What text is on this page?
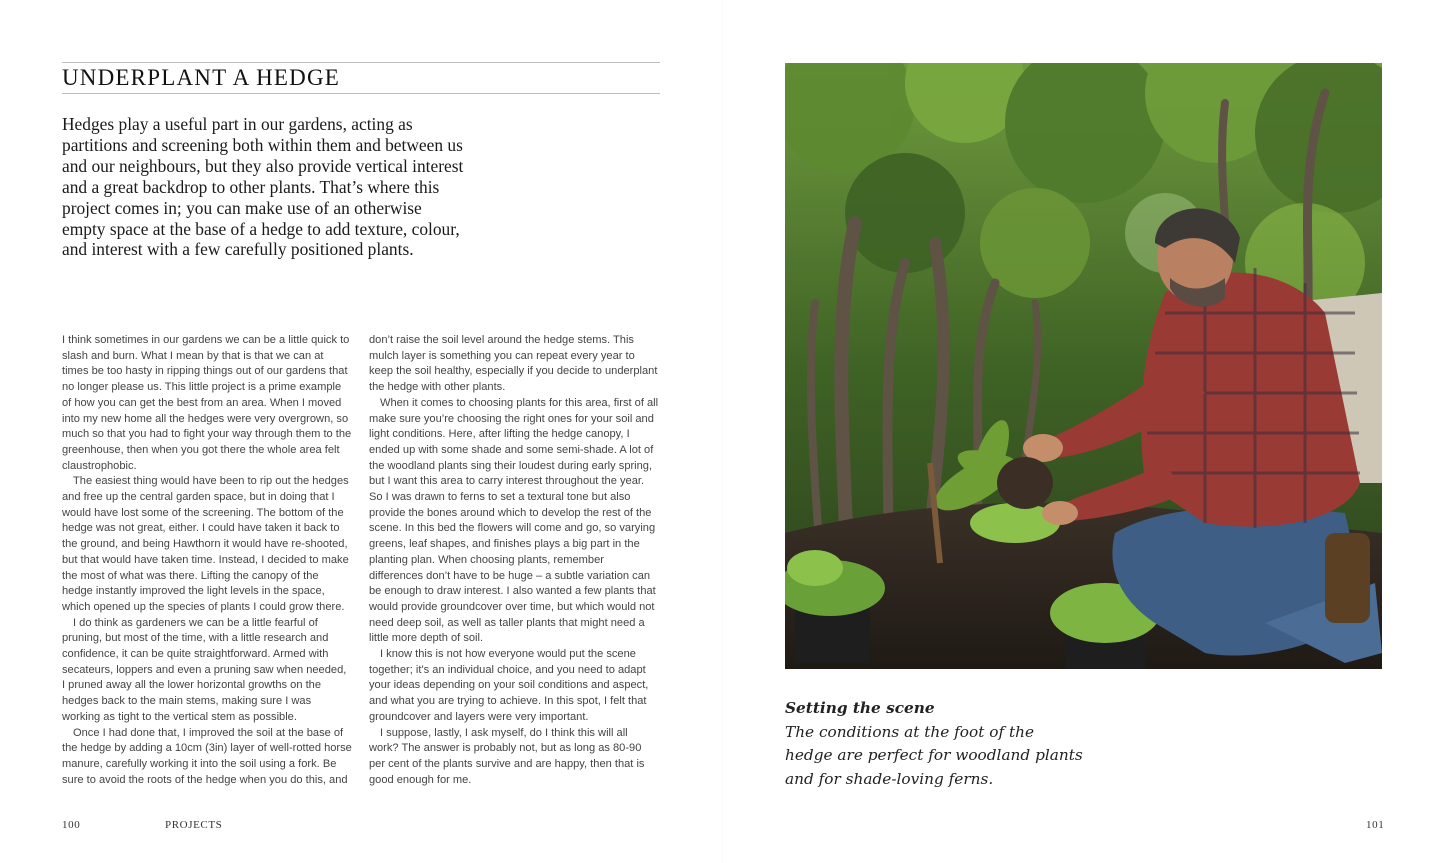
UNDERPLANT A HEDGE

Hedges play a useful part in our gardens, acting as partitions and screening both within them and between us and our neighbours, but they also provide vertical interest and a great backdrop to other plants. That’s where this project comes in; you can make use of an otherwise empty space at the base of a hedge to add texture, colour, and interest with a few carefully positioned plants.

I think sometimes in our gardens we can be a little quick to slash and burn. What I mean by that is that we can at times be too hasty in ripping things out of our gardens that no longer please us. This little project is a prime example of how you can get the best from an area. When I moved into my new home all the hedges were very overgrown, so much so that you had to fight your way through them to the greenhouse, then when you got there the whole area felt claustrophobic.

The easiest thing would have been to rip out the hedges and free up the central garden space, but in doing that I would have lost some of the screening. The bottom of the hedge was not great, either. I could have taken it back to the ground, and being Hawthorn it would have re-shooted, but that would have taken time. Instead, I decided to make the most of what was there. Lifting the canopy of the hedge instantly improved the light levels in the space, which opened up the species of plants I could grow there.

I do think as gardeners we can be a little fearful of pruning, but most of the time, with a little research and confidence, it can be quite straightforward. Armed with secateurs, loppers and even a pruning saw when needed, I pruned away all the lower horizontal growths on the hedges back to the main stems, making sure I was working as tight to the vertical stem as possible.

Once I had done that, I improved the soil at the base of the hedge by adding a 10cm (3in) layer of well-rotted horse manure, carefully working it into the soil using a fork. Be sure to avoid the roots of the hedge when you do this, and

don’t raise the soil level around the hedge stems. This mulch layer is something you can repeat every year to keep the soil healthy, especially if you decide to underplant the hedge with other plants.

When it comes to choosing plants for this area, first of all make sure you’re choosing the right ones for your soil and light conditions. Here, after lifting the hedge canopy, I ended up with some shade and some semi-shade. A lot of the woodland plants sing their loudest during early spring, but I want this area to carry interest throughout the year. So I was drawn to ferns to set a textural tone but also provide the bones around which to develop the rest of the scene. In this bed the flowers will come and go, so varying greens, leaf shapes, and finishes plays a big part in the planting plan. When choosing plants, remember differences don’t have to be huge – a subtle variation can be enough to draw interest. I also wanted a few plants that would provide groundcover over time, but which would not need deep soil, as well as taller plants that might need a little more depth of soil.

I know this is not how everyone would put the scene together; it’s an individual choice, and you need to adapt your ideas depending on your soil conditions and aspect, and what you are trying to achieve. In this spot, I felt that groundcover and layers were very important.

I suppose, lastly, I ask myself, do I think this will all work? The answer is probably not, but as long as 80-90 per cent of the plants survive and are happy, then that is good enough for me.

100	PROJECTS
Setting the scene
The conditions at the foot of the hedge are perfect for woodland plants and for shade-loving ferns.
101
